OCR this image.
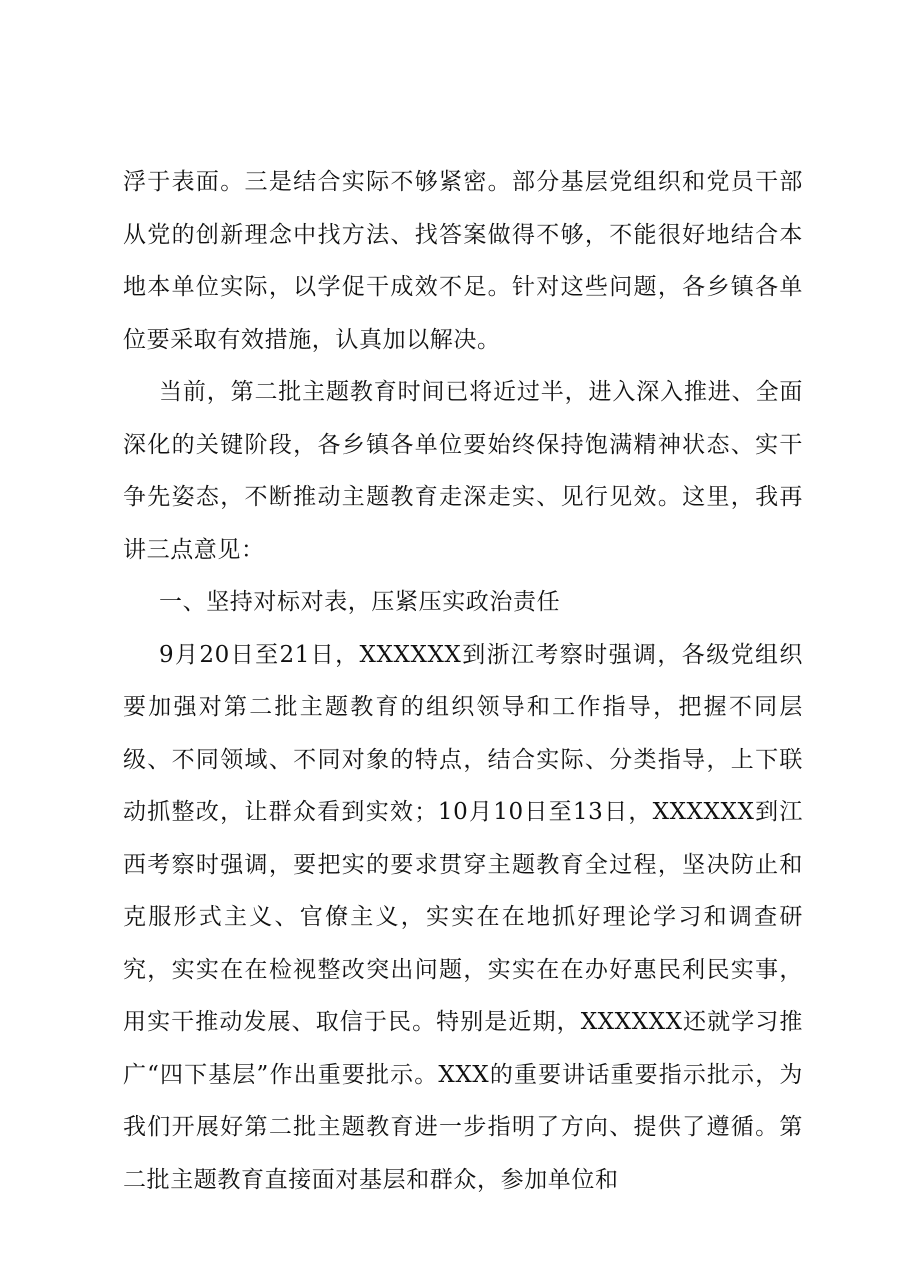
浮于表面。三是结合实际不够紧密。部分基层党组织和党员干部从党的创新理念中找方法、找答案做得不够，不能很好地结合本地本单位实际，以学促干成效不足。针对这些问题，各乡镇各单位要采取有效措施，认真加以解决。

当前，第二批主题教育时间已将近过半，进入深入推进、全面深化的关键阶段，各乡镇各单位要始终保持饱满精神状态、实干争先姿态，不断推动主题教育走深走实、见行见效。这里，我再讲三点意见：

一、坚持对标对表，压紧压实政治责任

9月20日至21日，XXXXXX到浙江考察时强调，各级党组织要加强对第二批主题教育的组织领导和工作指导，把握不同层级、不同领域、不同对象的特点，结合实际、分类指导，上下联动抓整改，让群众看到实效；10月10日至13日，XXXXXX到江西考察时强调，要把实的要求贯穿主题教育全过程，坚决防止和克服形式主义、官僚主义，实实在在地抓好理论学习和调查研究，实实在在检视整改突出问题，实实在在办好惠民利民实事，用实干推动发展、取信于民。特别是近期，XXXXXX还就学习推广“四下基层”作出重要批示。XXX的重要讲话重要指示批示，为我们开展好第二批主题教育进一步指明了方向、提供了遵循。第二批主题教育直接面对基层和群众，参加单位和
